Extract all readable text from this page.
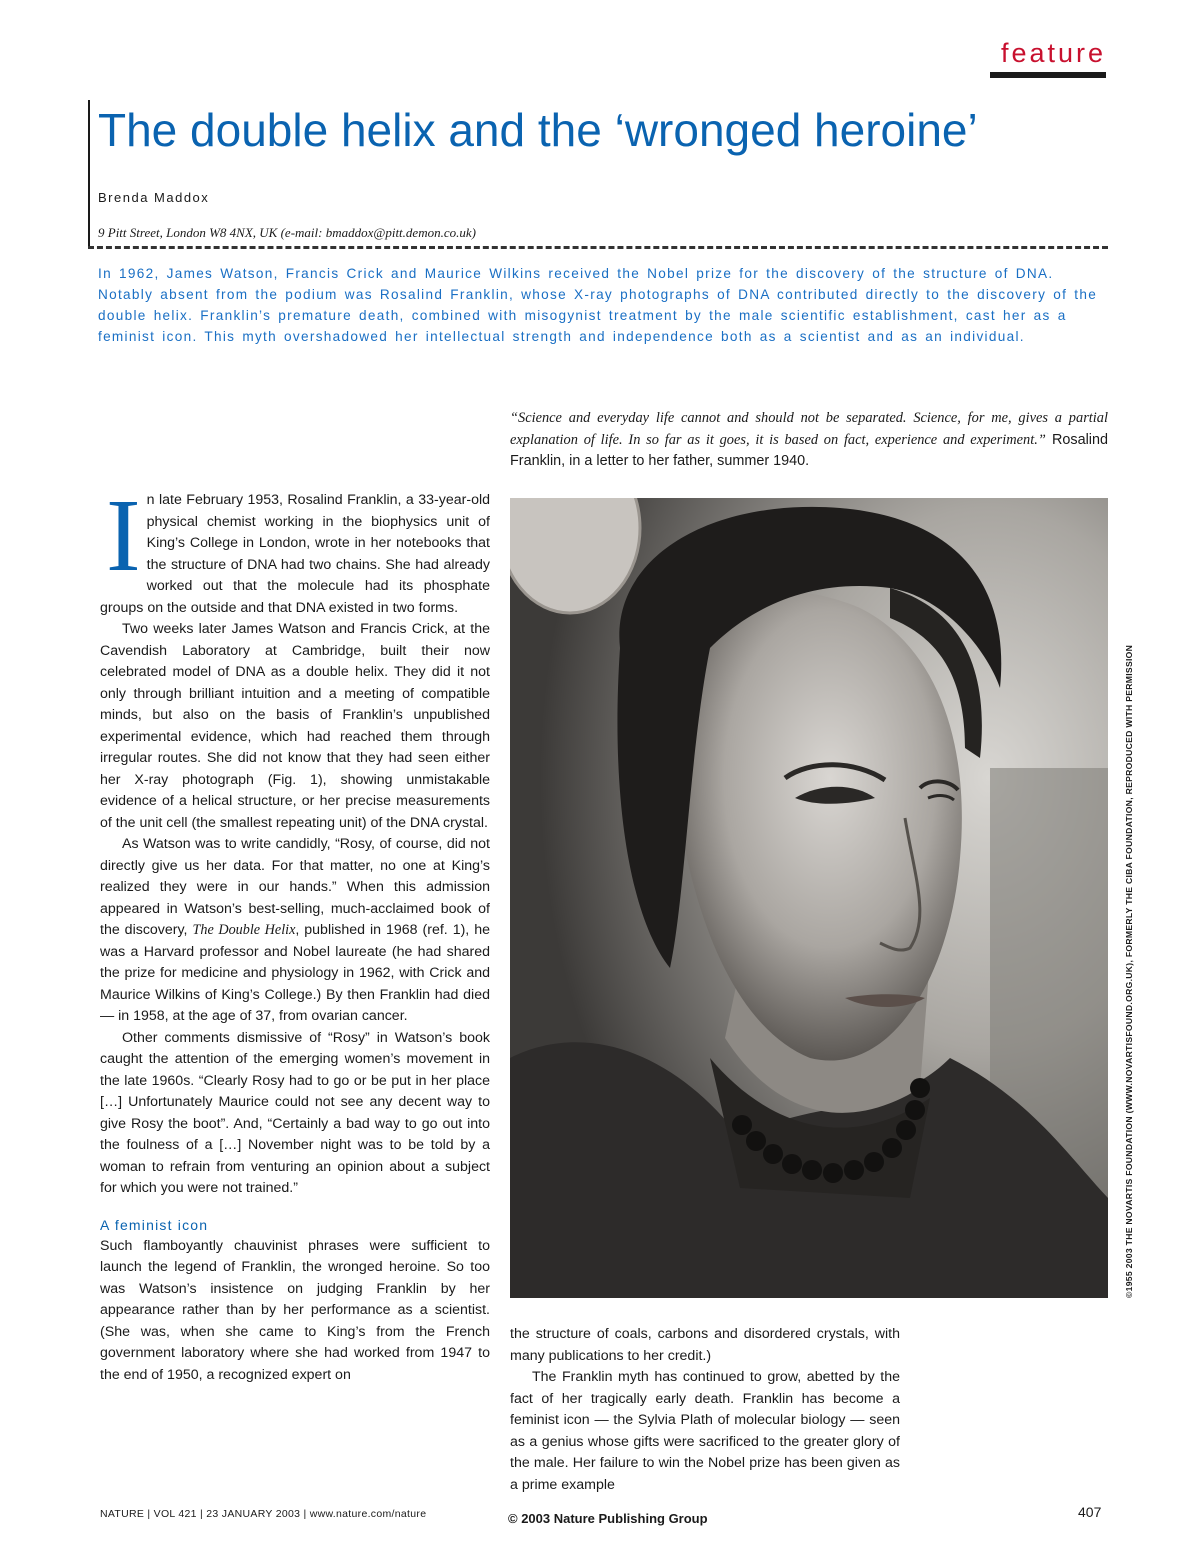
feature
The double helix and the ‘wronged heroine’
Brenda Maddox
9 Pitt Street, London W8 4NX, UK (e-mail: bmaddox@pitt.demon.co.uk)

In 1962, James Watson, Francis Crick and Maurice Wilkins received the Nobel prize for the discovery of the structure of DNA. Notably absent from the podium was Rosalind Franklin, whose X-ray photographs of DNA contributed directly to the discovery of the double helix. Franklin’s premature death, combined with misogynist treatment by the male scientific establishment, cast her as a feminist icon. This myth overshadowed her intellectual strength and independence both as a scientist and as an individual.

“Science and everyday life cannot and should not be separated. Science, for me, gives a partial explanation of life. In so far as it goes, it is based on fact, experience and experiment.” Rosalind Franklin, in a letter to her father, summer 1940.

©1955 2003 THE NOVARTIS FOUNDATION (WWW.NOVARTISFOUND.ORG.UK), FORMERLY THE CIBA FOUNDATION, REPRODUCED WITH PERMISSION

In late February 1953, Rosalind Franklin, a 33-year-old physical chemist working in the biophysics unit of King’s College in London, wrote in her notebooks that the structure of DNA had two chains. She had already worked out that the molecule had its phosphate groups on the outside and that DNA existed in two forms.

Two weeks later James Watson and Francis Crick, at the Cavendish Laboratory at Cambridge, built their now celebrated model of DNA as a double helix. They did it not only through brilliant intuition and a meeting of compatible minds, but also on the basis of Franklin’s unpublished experimental evidence, which had reached them through irregular routes. She did not know that they had seen either her X-ray photograph (Fig. 1), showing unmistakable evidence of a helical structure, or her precise measurements of the unit cell (the smallest repeating unit) of the DNA crystal.

As Watson was to write candidly, “Rosy, of course, did not directly give us her data. For that matter, no one at King’s realized they were in our hands.” When this admission appeared in Watson’s best-selling, much-acclaimed book of the discovery, The Double Helix, published in 1968 (ref. 1), he was a Harvard professor and Nobel laureate (he had shared the prize for medicine and physiology in 1962, with Crick and Maurice Wilkins of King’s College.) By then Franklin had died — in 1958, at the age of 37, from ovarian cancer.

Other comments dismissive of “Rosy” in Watson’s book caught the attention of the emerging women’s movement in the late 1960s. “Clearly Rosy had to go or be put in her place […] Unfortunately Maurice could not see any decent way to give Rosy the boot”. And, “Certainly a bad way to go out into the foulness of a […] November night was to be told by a woman to refrain from venturing an opinion about a subject for which you were not trained.”

A feminist icon

Such flamboyantly chauvinist phrases were sufficient to launch the legend of Franklin, the wronged heroine. So too was Watson’s insistence on judging Franklin by her appearance rather than by her performance as a scientist. (She was, when she came to King’s from the French government laboratory where she had worked from 1947 to the end of 1950, a recognized expert on

the structure of coals, carbons and disordered crystals, with many publications to her credit.)

The Franklin myth has continued to grow, abetted by the fact of her tragically early death. Franklin has become a feminist icon — the Sylvia Plath of molecular biology — seen as a genius whose gifts were sacrificed to the greater glory of the male. Her failure to win the Nobel prize has been given as a prime example

NATURE | VOL 421 | 23 JANUARY 2003 | www.nature.com/nature	© 2003 Nature Publishing Group	407
